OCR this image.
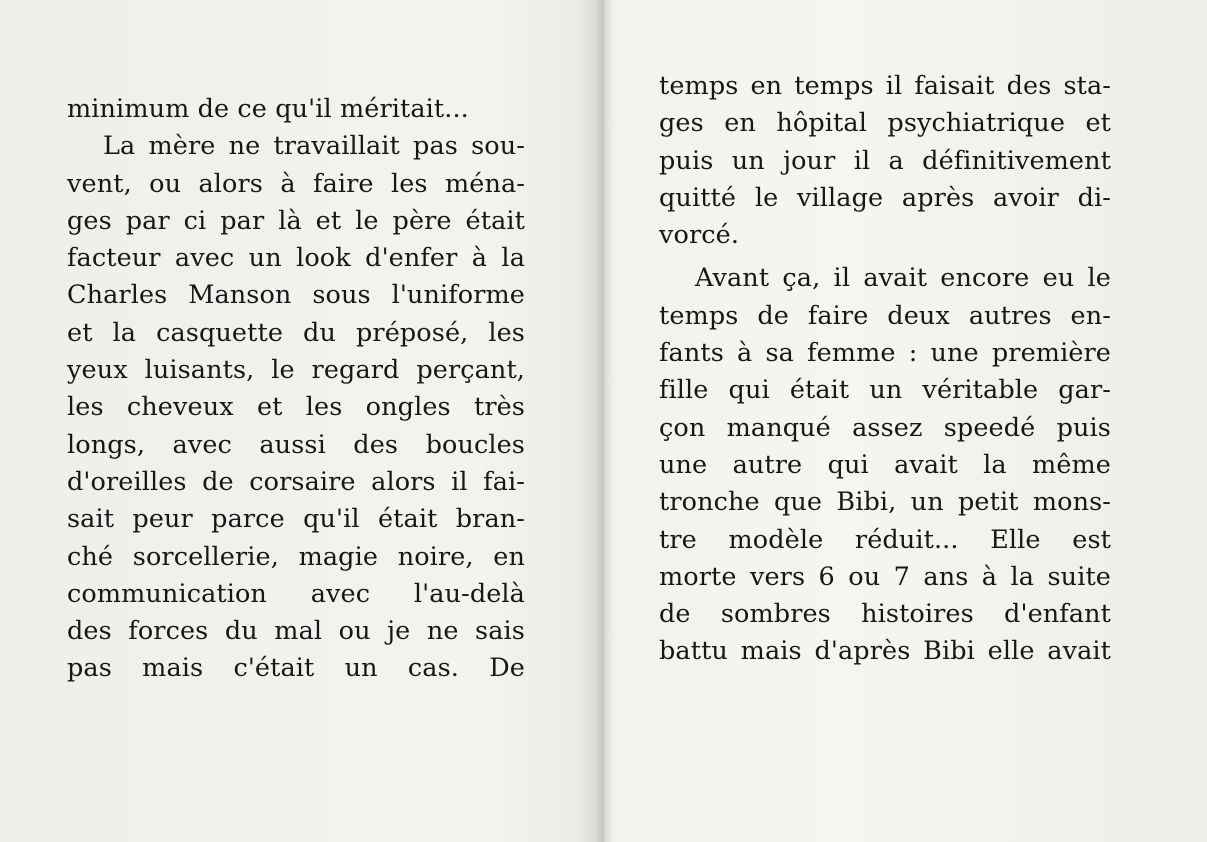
minimum de ce qu'il méritait...
La mère ne travaillait pas sou-
vent, ou alors à faire les ména-
ges par ci par là et le père était
facteur avec un look d'enfer à la
Charles Manson sous l'uniforme
et la casquette du préposé, les
yeux luisants, le regard perçant,
les cheveux et les ongles très
longs, avec aussi des boucles
d'oreilles de corsaire alors il fai-
sait peur parce qu'il était bran-
ché sorcellerie, magie noire, en
communication avec l'au-delà
des forces du mal ou je ne sais
pas mais c'était un cas. De
temps en temps il faisait des sta-
ges en hôpital psychiatrique et
puis un jour il a définitivement
quitté le village après avoir di-
vorcé.
Avant ça, il avait encore eu le
temps de faire deux autres en-
fants à sa femme : une première
fille qui était un véritable gar-
çon manqué assez speedé puis
une autre qui avait la même
tronche que Bibi, un petit mons-
tre modèle réduit... Elle est
morte vers 6 ou 7 ans à la suite
de sombres histoires d'enfant
battu mais d'après Bibi elle avait
